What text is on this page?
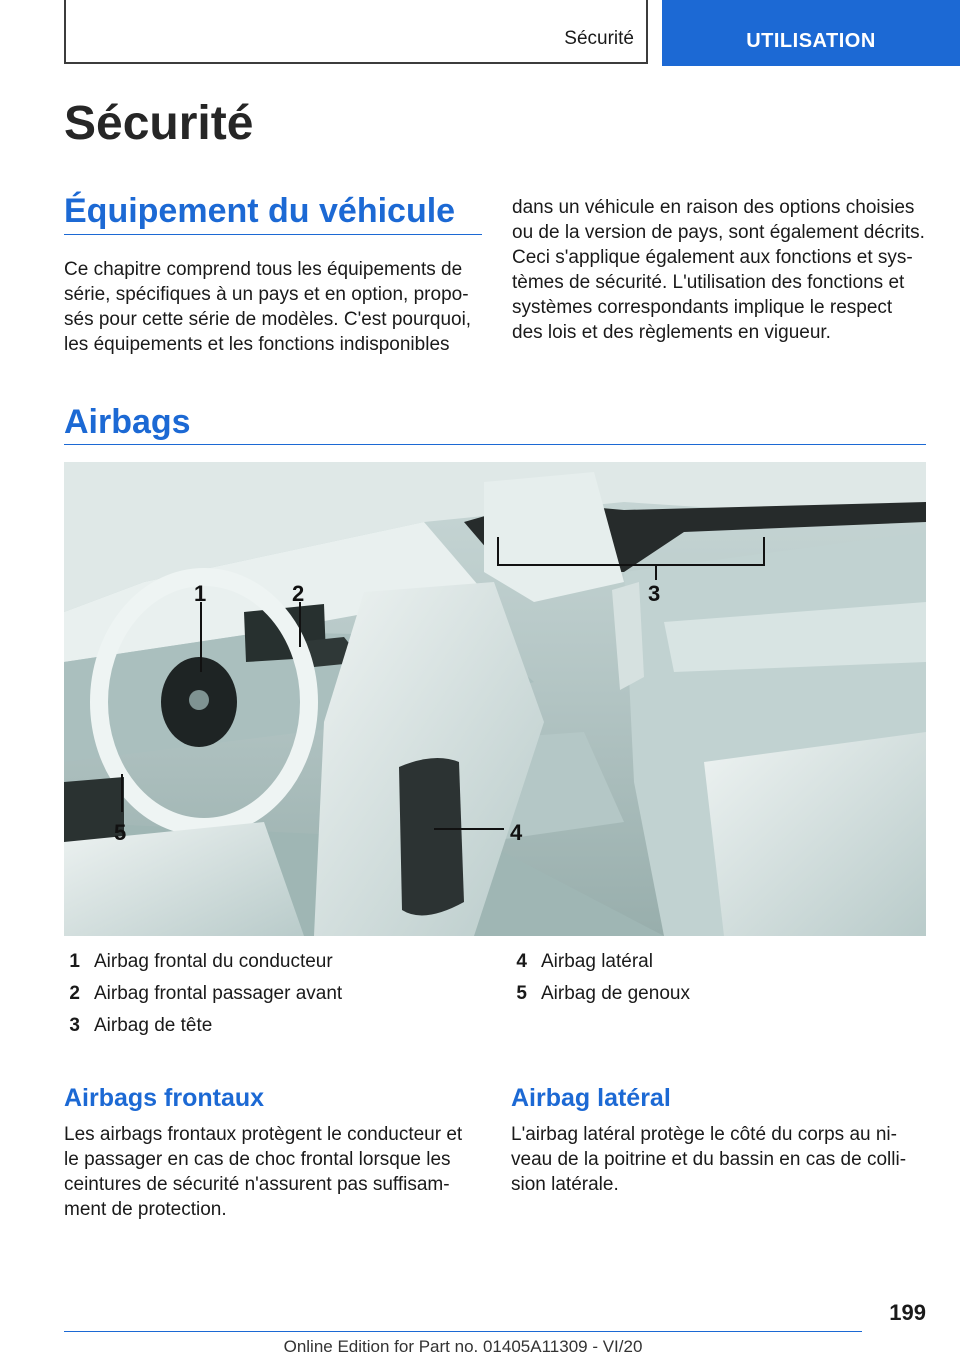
Sécurité	UTILISATION
Sécurité
Équipement du véhicule
Ce chapitre comprend tous les équipements de
série, spécifiques à un pays et en option, propo‐
sés pour cette série de modèles. C'est pourquoi,
les équipements et les fonctions indisponibles
dans un véhicule en raison des options choisies
ou de la version de pays, sont également décrits.
Ceci s'applique également aux fonctions et sys‐
tèmes de sécurité. L'utilisation des fonctions et
systèmes correspondants implique le respect
des lois et des règlements en vigueur.
Airbags
1	2	3
4
5
1 Airbag frontal du conducteur
2 Airbag frontal passager avant
3 Airbag de tête
4 Airbag latéral
5 Airbag de genoux
Airbags frontaux
Les airbags frontaux protègent le conducteur et
le passager en cas de choc frontal lorsque les
ceintures de sécurité n'assurent pas suffisam‐
ment de protection.
Airbag latéral
L'airbag latéral protège le côté du corps au ni‐
veau de la poitrine et du bassin en cas de colli‐
sion latérale.
199
Online Edition for Part no. 01405A11309 - VI/20
